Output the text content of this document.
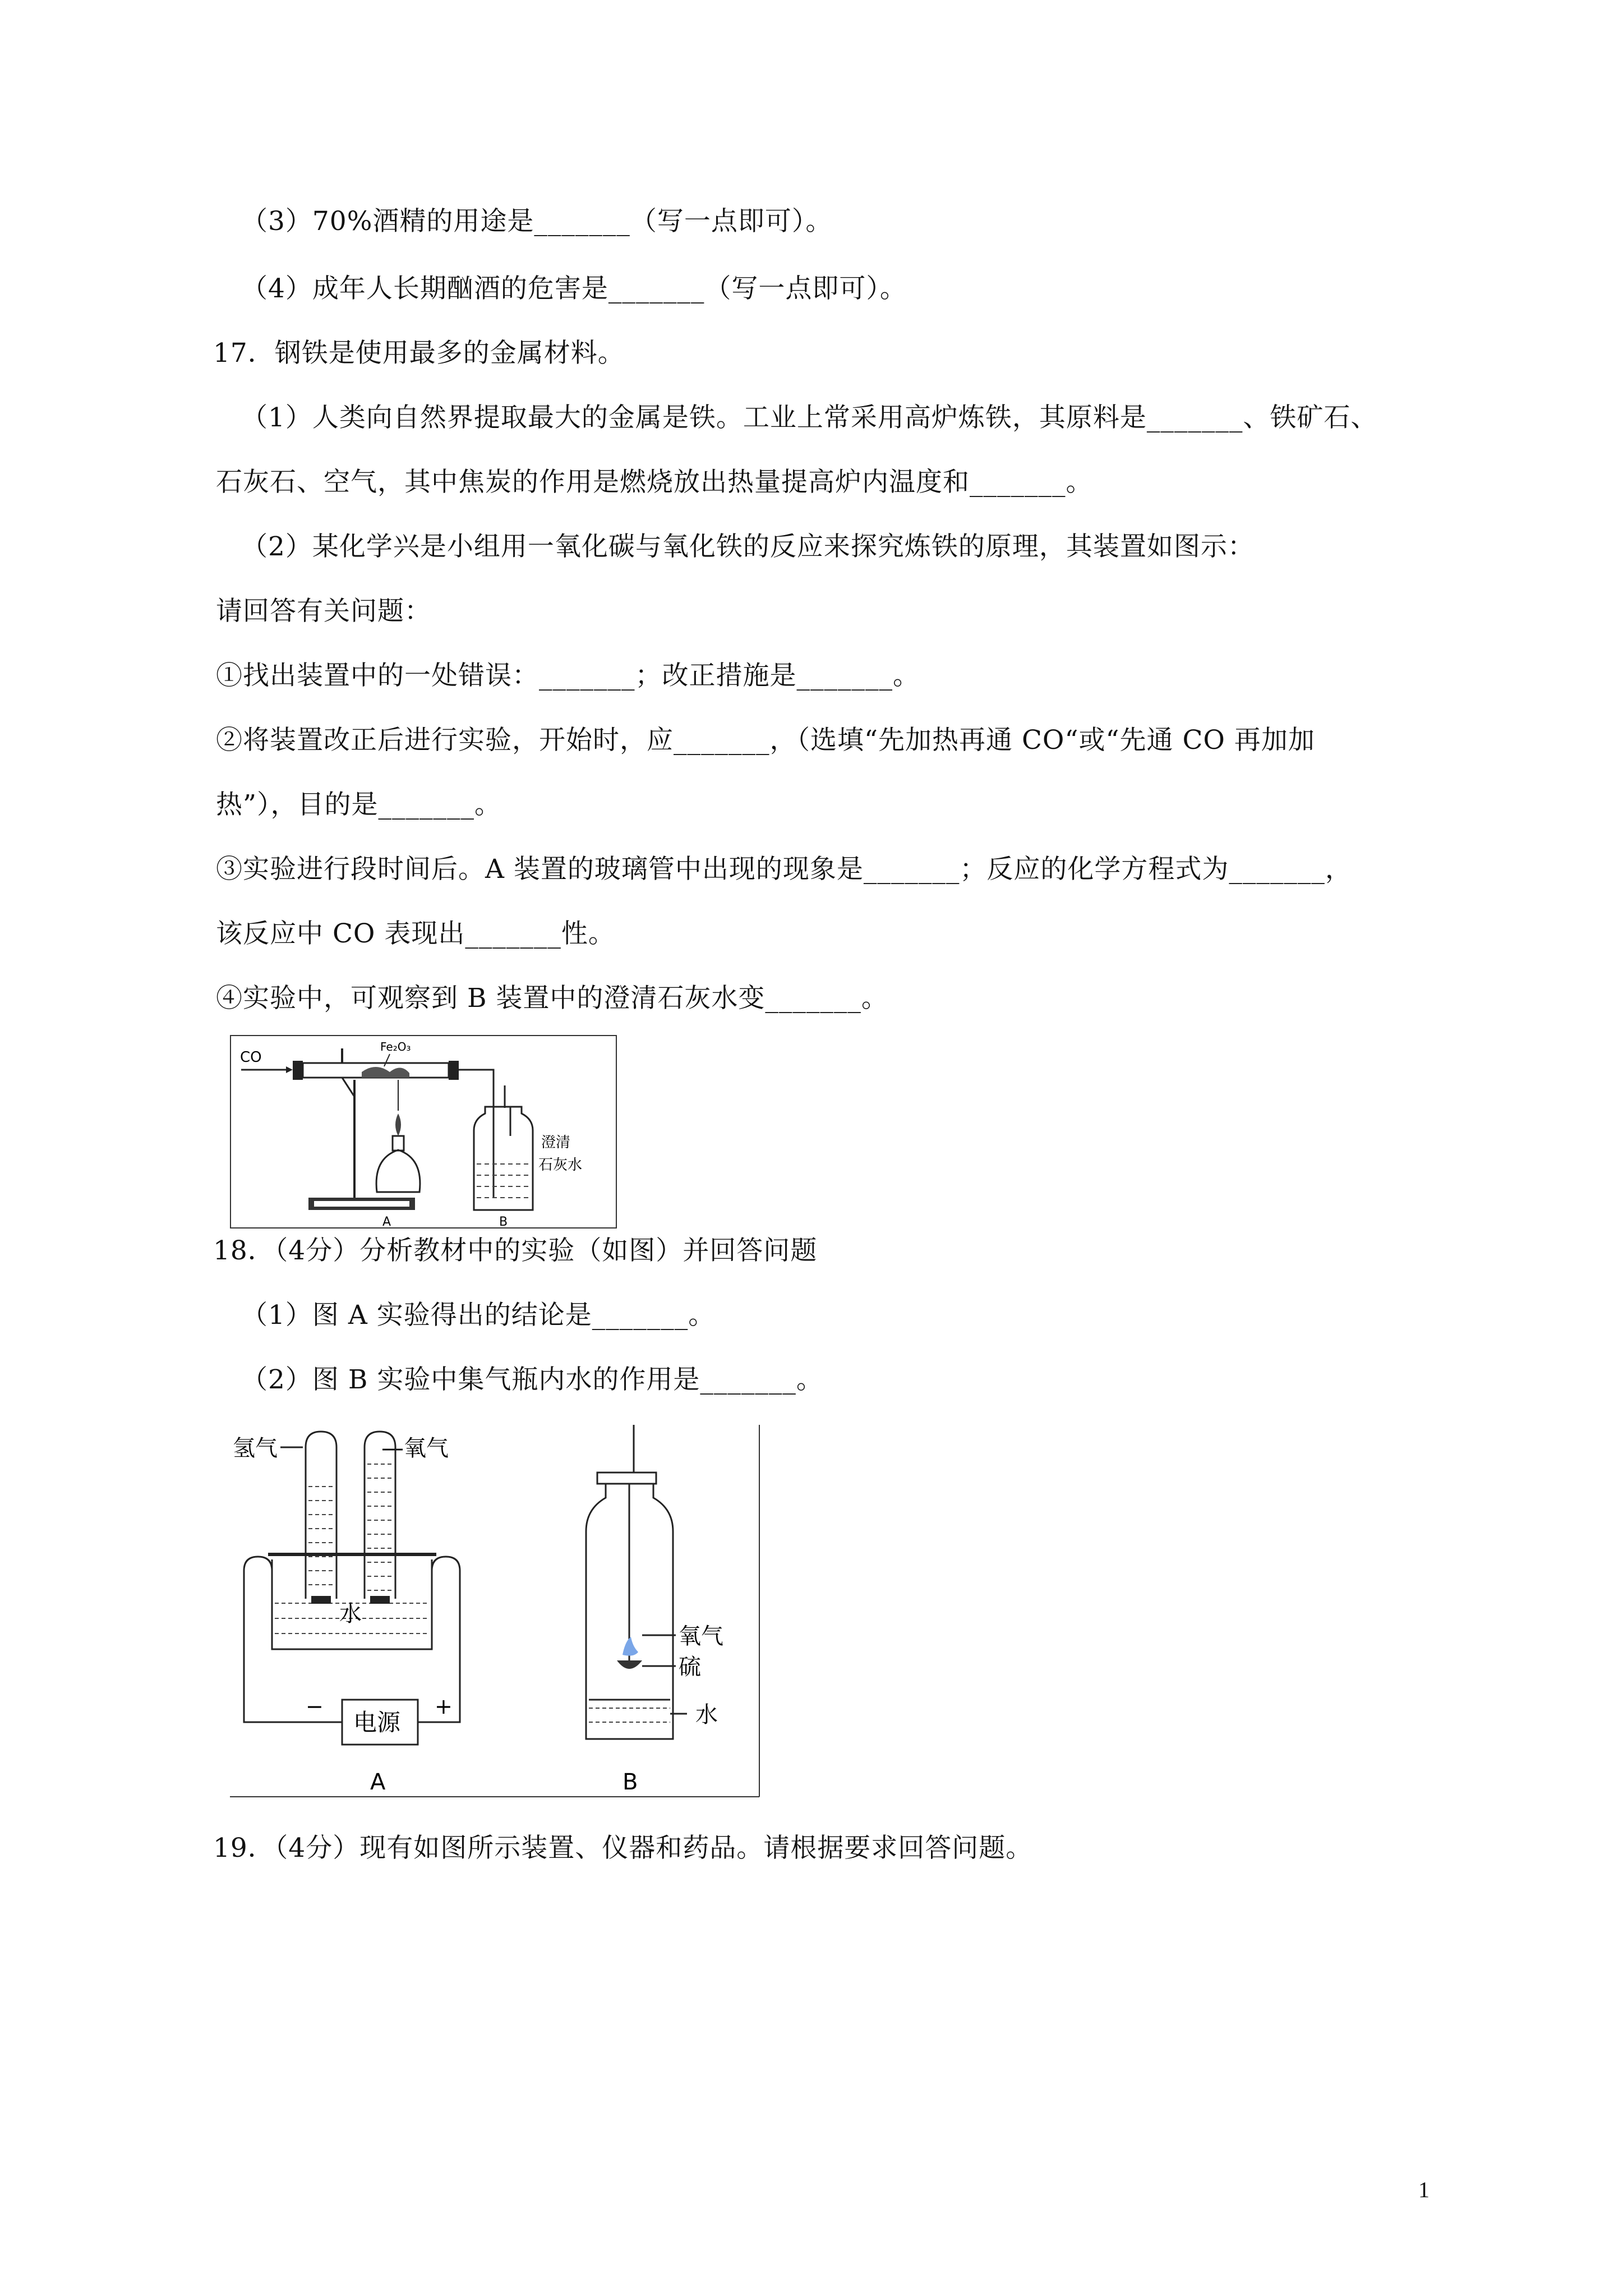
（3）70%酒精的用途是_______（写一点即可）。
（4）成年人长期酗酒的危害是_______（写一点即可）。
17．钢铁是使用最多的金属材料。
（1）人类向自然界提取最大的金属是铁。工业上常采用高炉炼铁，其原料是_______、铁矿石、
石灰石、空气，其中焦炭的作用是燃烧放出热量提高炉内温度和_______。
（2）某化学兴是小组用一氧化碳与氧化铁的反应来探究炼铁的原理，其装置如图示：
请回答有关问题：
①找出装置中的一处错误：_______；改正措施是_______。
②将装置改正后进行实验，开始时，应_______，（选填“先加热再通 CO“或“先通 CO 再加加
热”），目的是_______。
③实验进行段时间后。A 装置的玻璃管中出现的现象是_______；反应的化学方程式为_______，
该反应中 CO 表现出_______性。
④实验中，可观察到 B 装置中的澄清石灰水变_______。
CO
Fe₂O₃
澄清
石灰水
A	B
18．（4分）分析教材中的实验（如图）并回答问题
（1）图 A 实验得出的结论是_______。
（2）图 B 实验中集气瓶内水的作用是_______。
氢气	—氧气
水
−	+
电源
A
氧气
硫
水
B
19．（4分）现有如图所示装置、仪器和药品。请根据要求回答问题。
1
